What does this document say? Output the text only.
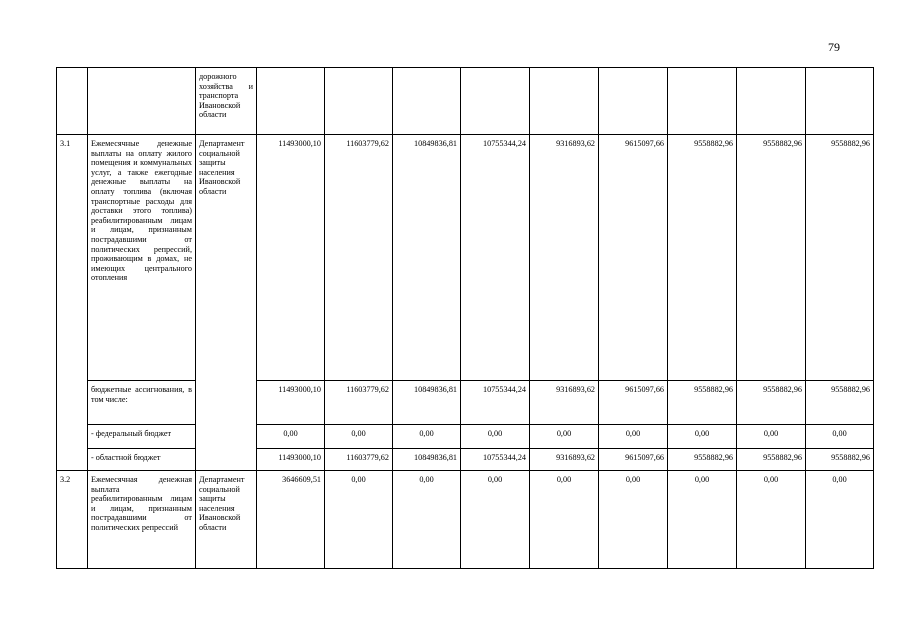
79
		дорожного хозяйства и транспорта Ивановской области									
3.1	Ежемесячные денежные выплаты на оплату жилого помещения и коммунальных услуг, а также ежегодные денежные выплаты на оплату топлива (включая транспортные расходы для доставки этого топлива) реабилитированным лицам и лицам, признанным пострадавшими от политических репрессий, проживающим в домах, не имеющих центрального отопления	Департамент социальной защиты населения Ивановской области	11493000,10	11603779,62	10849836,81	10755344,24	9316893,62	9615097,66	9558882,96	9558882,96	9558882,96
	бюджетные ассигнования, в том числе:		11493000,10	11603779,62	10849836,81	10755344,24	9316893,62	9615097,66	9558882,96	9558882,96	9558882,96
	- федеральный бюджет		0,00	0,00	0,00	0,00	0,00	0,00	0,00	0,00	0,00
	- областной бюджет		11493000,10	11603779,62	10849836,81	10755344,24	9316893,62	9615097,66	9558882,96	9558882,96	9558882,96
3.2	Ежемесячная денежная выплата реабилитированным лицам и лицам, признанным пострадавшими от политических репрессий	Департамент социальной защиты населения Ивановской области	3646609,51	0,00	0,00	0,00	0,00	0,00	0,00	0,00	0,00
